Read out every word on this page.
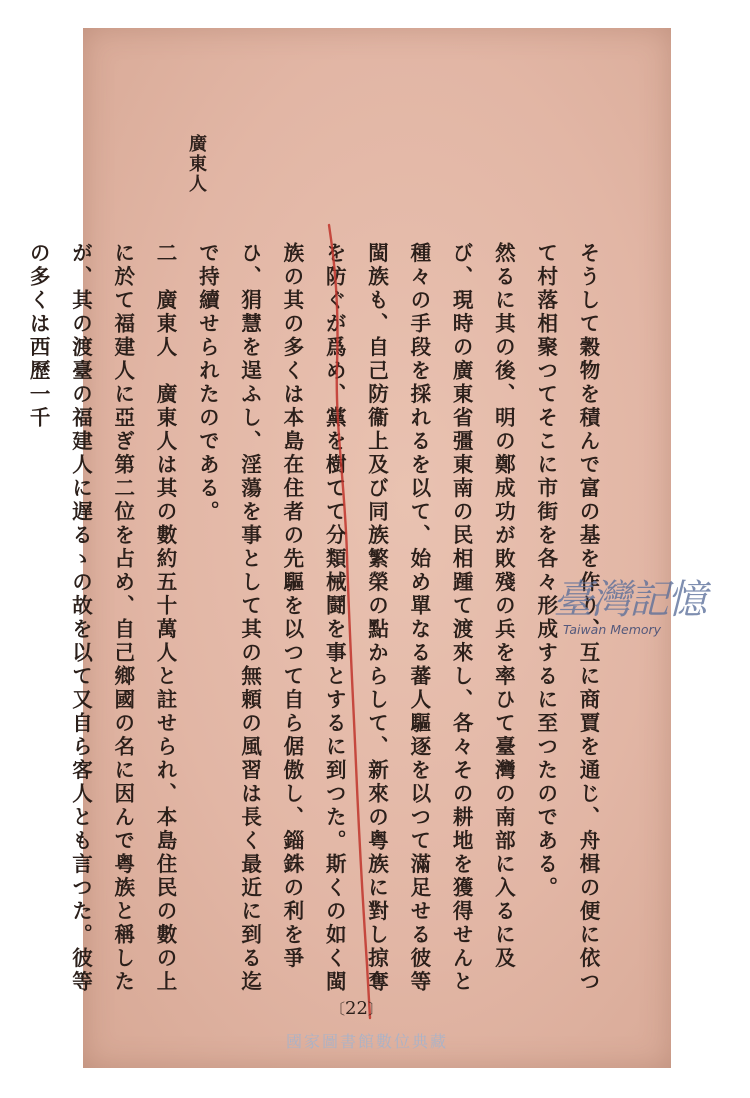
廣東人

そうして穀物を積んで富の基を作り、互に商賈を通じ、舟楫の便に依つて村落相聚つてそこに市街を各々形成するに至つたのである。

然るに其の後、明の鄭成功が敗殘の兵を率ひて臺灣の南部に入るに及び、現時の廣東省彊東南の民相踵て渡來し、各々その耕地を獲得せんと種々の手段を採れるを以て、始め單なる蕃人驅逐を以つて滿足せる彼等閩族も、自己防衞上及び同族繁榮の點からして、新來の粤族に對し掠奪を防ぐが爲め、黨を樹てて分類械鬪を事とするに到つた。斯くの如く閩族の其の多くは本島在住者の先驅を以つて自ら倨傲し、錙銖の利を爭ひ、狷慧を逞ふし、淫蕩を事として其の無頼の風習は長く最近に到る迄で持續せられたのである。

二　廣東人　廣東人は其の數約五十萬人と註せられ、本島住民の數の上に於て福建人に亞ぎ第二位を占め、自己鄉國の名に因んで粤族と稱したが、其の渡臺の福建人に遅るゝの故を以て又自ら客人とも言つた。彼等の多くは西歷一千

臺灣記憶
Taiwan Memory
〔22〕
國家圖書館數位典藏
